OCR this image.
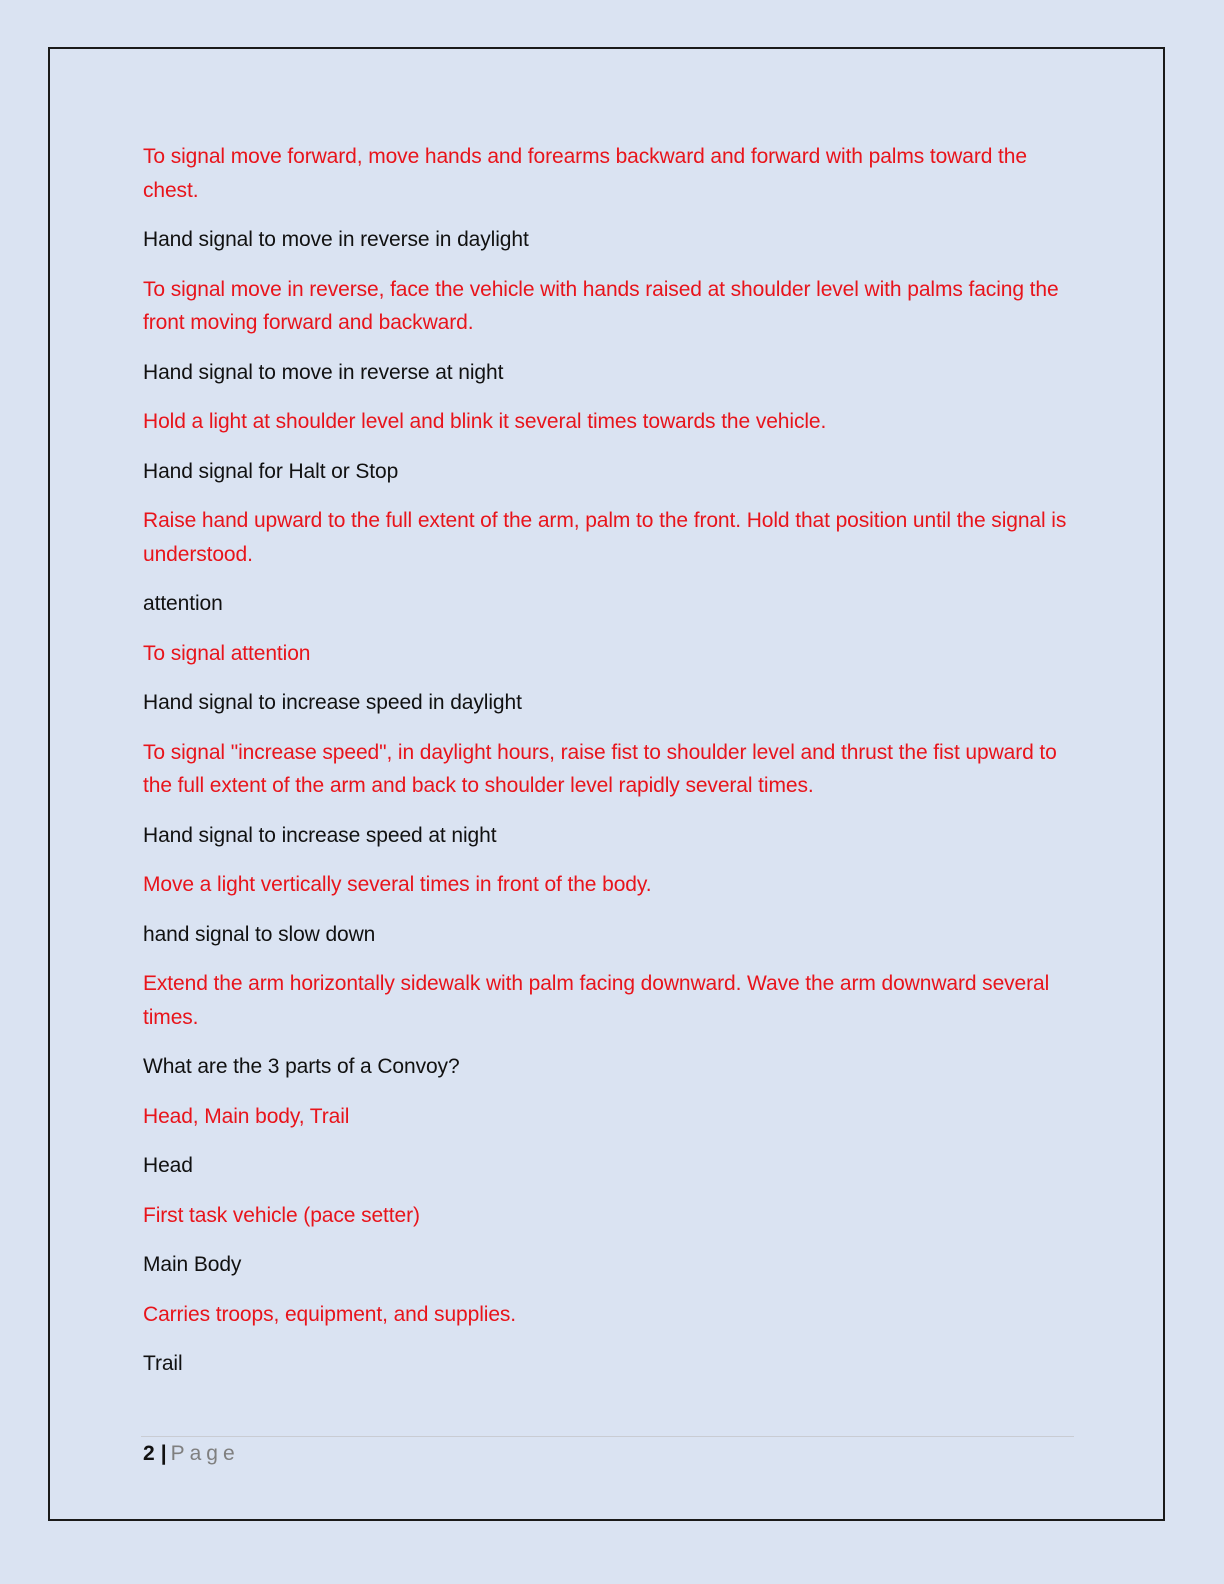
To signal move forward, move hands and forearms backward and forward with palms toward the chest.

Hand signal to move in reverse in daylight

To signal move in reverse, face the vehicle with hands raised at shoulder level with palms facing the front moving forward and backward.

Hand signal to move in reverse at night

Hold a light at shoulder level and blink it several times towards the vehicle.

Hand signal for Halt or Stop

Raise hand upward to the full extent of the arm, palm to the front. Hold that position until the signal is understood.

attention

To signal attention

Hand signal to increase speed in daylight

To signal "increase speed", in daylight hours, raise fist to shoulder level and thrust the fist upward to the full extent of the arm and back to shoulder level rapidly several times.

Hand signal to increase speed at night

Move a light vertically several times in front of the body.

hand signal to slow down

Extend the arm horizontally sidewalk with palm facing downward. Wave the arm downward several times.

What are the 3 parts of a Convoy?

Head, Main body, Trail

Head

First task vehicle (pace setter)

Main Body

Carries troops, equipment, and supplies.

Trail

2 | Page
